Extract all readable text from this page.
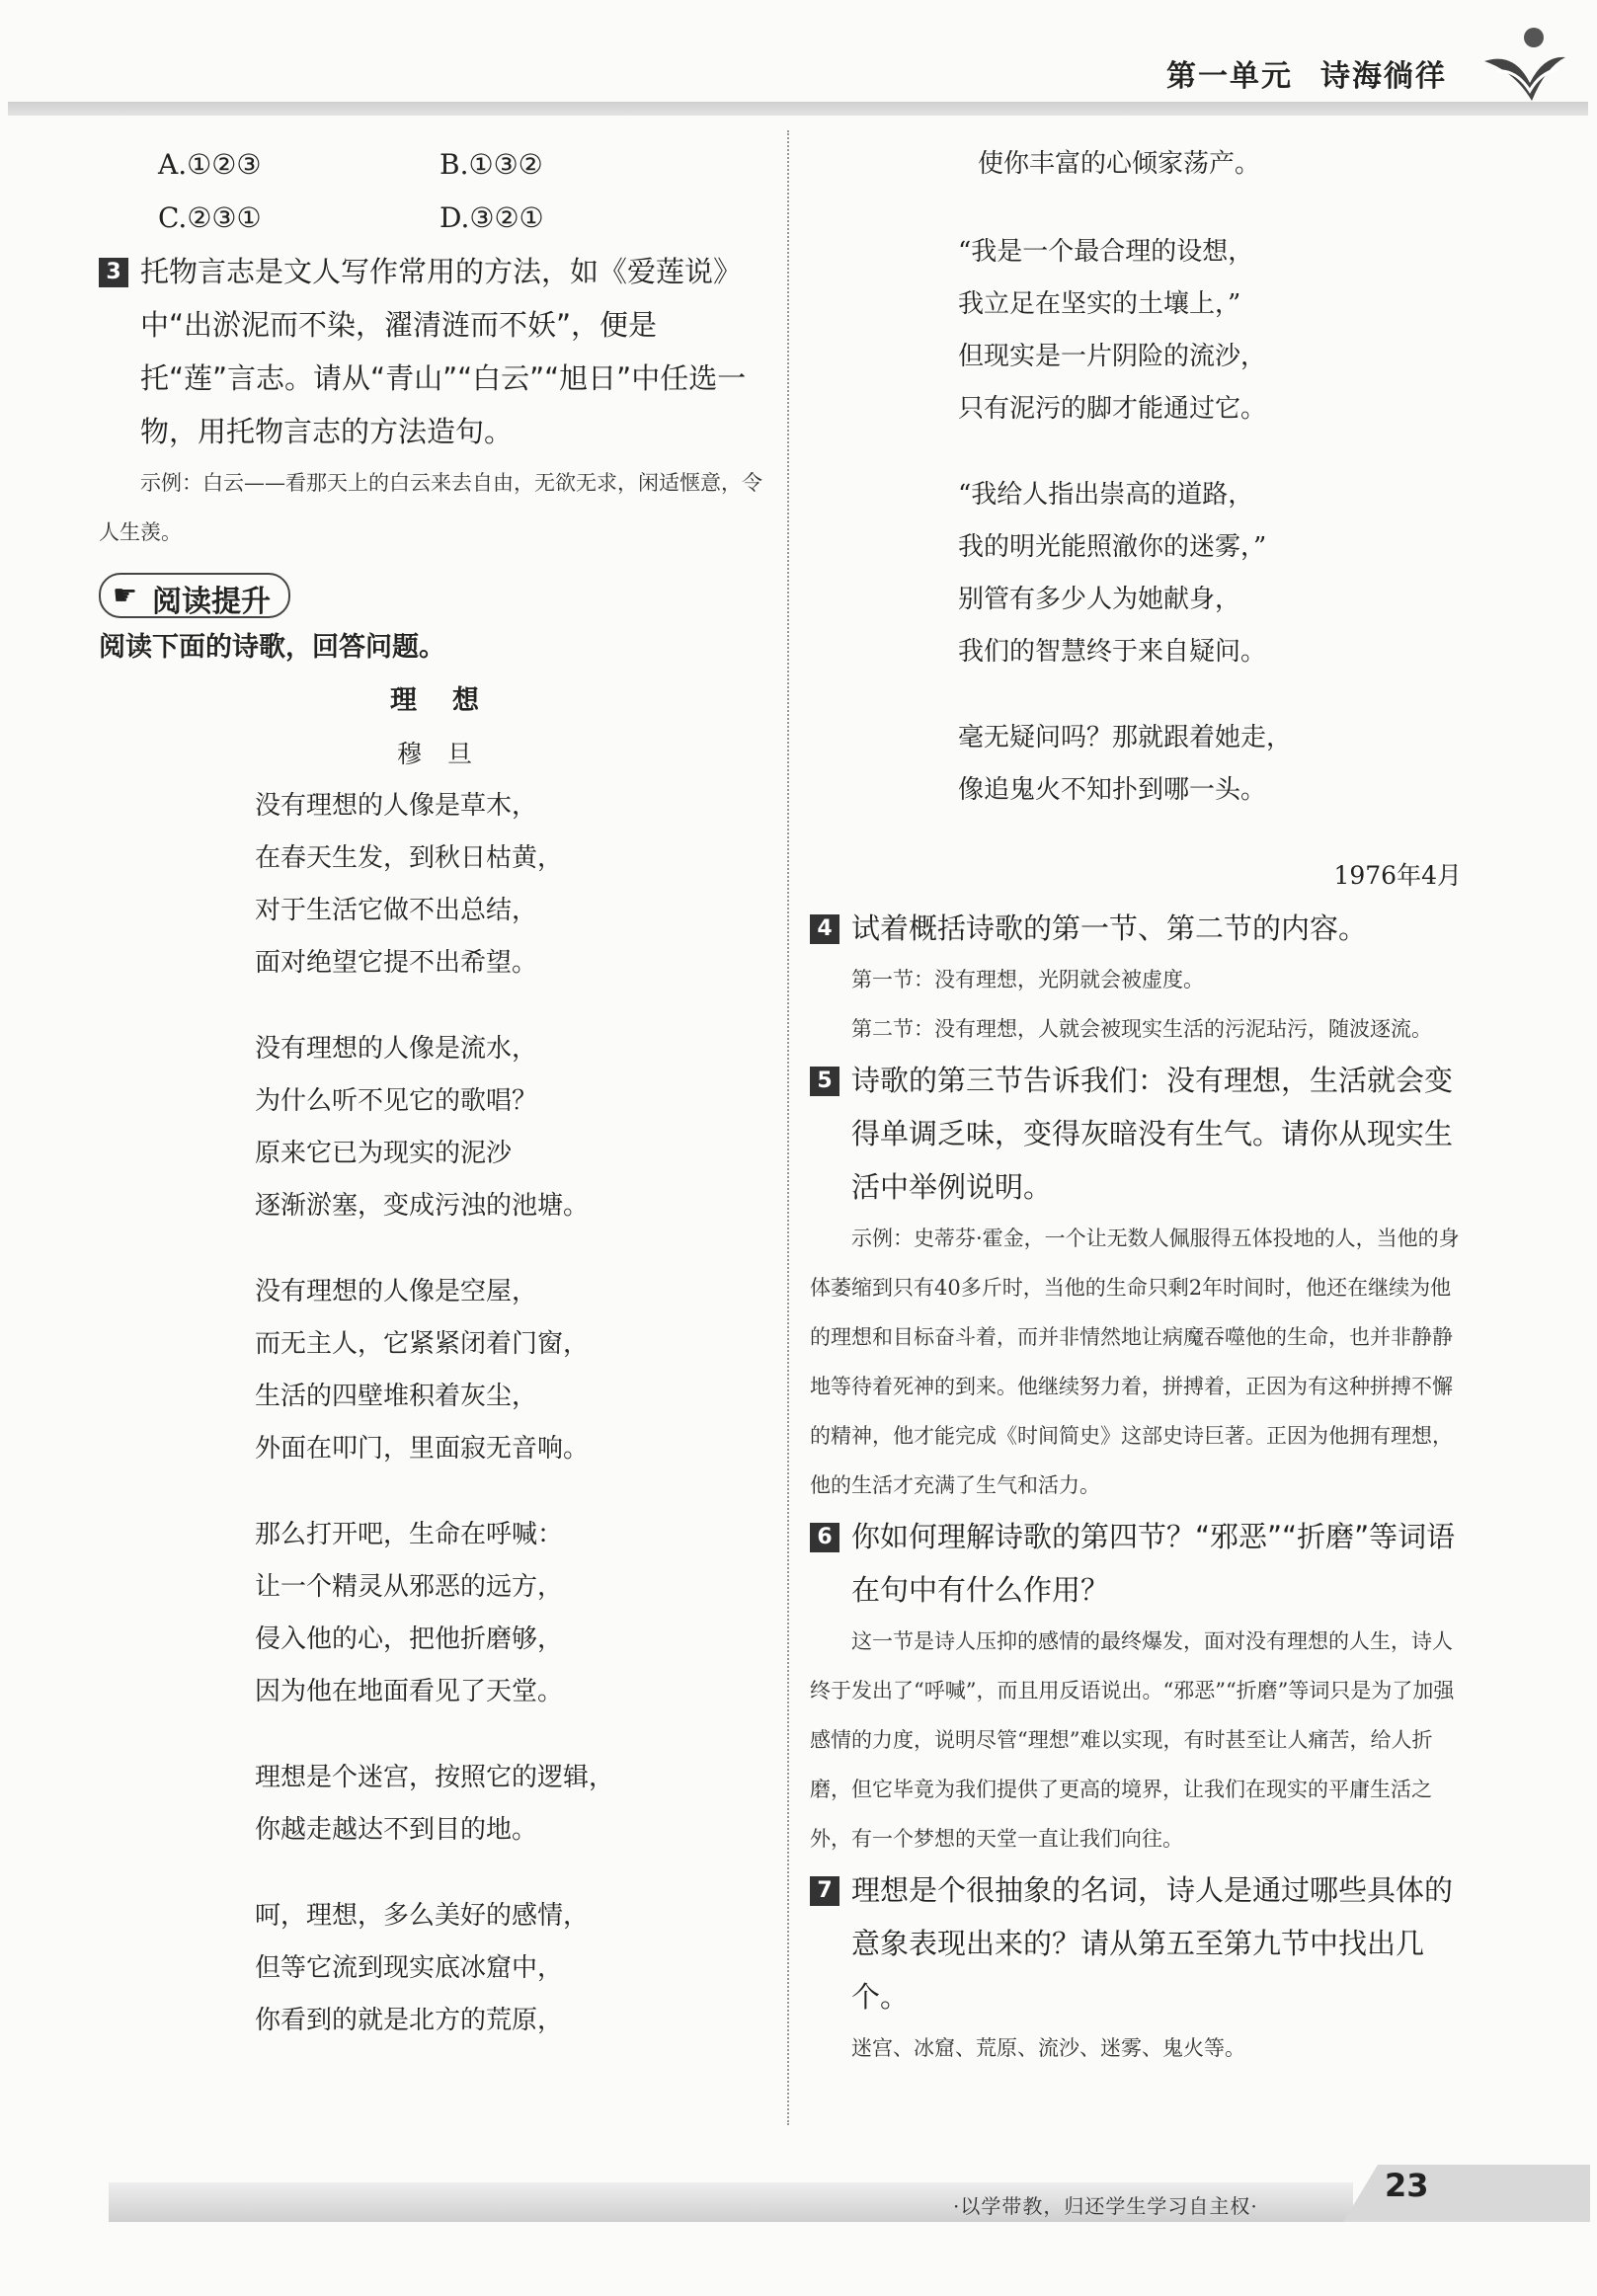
第一单元 诗海徜徉
A.①②③	B.①③②
C.②③①	D.③②①
3 托物言志是文人写作常用的方法，如《爱莲说》中“出淤泥而不染，濯清涟而不妖”，便是托“莲”言志。请从“青山”“白云”“旭日”中任选一物，用托物言志的方法造句。
示例：白云——看那天上的白云来去自由，无欲无求，闲适惬意，令人生羡。
☛ 阅读提升
阅读下面的诗歌，回答问题。
理想
穆旦
没有理想的人像是草木，
在春天生发，到秋日枯黄，
对于生活它做不出总结，
面对绝望它提不出希望。
没有理想的人像是流水，
为什么听不见它的歌唱？
原来它已为现实的泥沙
逐渐淤塞，变成污浊的池塘。
没有理想的人像是空屋，
而无主人，它紧紧闭着门窗，
生活的四壁堆积着灰尘，
外面在叩门，里面寂无音响。
那么打开吧，生命在呼喊：
让一个精灵从邪恶的远方，
侵入他的心，把他折磨够，
因为他在地面看见了天堂。
理想是个迷宫，按照它的逻辑，
你越走越达不到目的地。
呵，理想，多么美好的感情，
但等它流到现实底冰窟中，
你看到的就是北方的荒原，
使你丰富的心倾家荡产。
“我是一个最合理的设想，
我立足在坚实的土壤上，”
但现实是一片阴险的流沙，
只有泥污的脚才能通过它。
“我给人指出崇高的道路，
我的明光能照澈你的迷雾，”
别管有多少人为她献身，
我们的智慧终于来自疑问。
毫无疑问吗？那就跟着她走，
像追鬼火不知扑到哪一头。
1976年4月
4 试着概括诗歌的第一节、第二节的内容。
第一节：没有理想，光阴就会被虚度。
第二节：没有理想，人就会被现实生活的污泥玷污，随波逐流。
5 诗歌的第三节告诉我们：没有理想，生活就会变得单调乏味，变得灰暗没有生气。请你从现实生活中举例说明。
示例：史蒂芬·霍金，一个让无数人佩服得五体投地的人，当他的身体萎缩到只有40多斤时，当他的生命只剩2年时间时，他还在继续为他的理想和目标奋斗着，而并非情然地让病魔吞噬他的生命，也并非静静地等待着死神的到来。他继续努力着，拼搏着，正因为有这种拼搏不懈的精神，他才能完成《时间简史》这部史诗巨著。正因为他拥有理想，他的生活才充满了生气和活力。
6 你如何理解诗歌的第四节？“邪恶”“折磨”等词语在句中有什么作用？
这一节是诗人压抑的感情的最终爆发，面对没有理想的人生，诗人终于发出了“呼喊”，而且用反语说出。“邪恶”“折磨”等词只是为了加强感情的力度，说明尽管“理想”难以实现，有时甚至让人痛苦，给人折磨，但它毕竟为我们提供了更高的境界，让我们在现实的平庸生活之外，有一个梦想的天堂一直让我们向往。
7 理想是个很抽象的名词，诗人是通过哪些具体的意象表现出来的？请从第五至第九节中找出几个。
迷宫、冰窟、荒原、流沙、迷雾、鬼火等。
·以学带教，归还学生学习自主权·
23
